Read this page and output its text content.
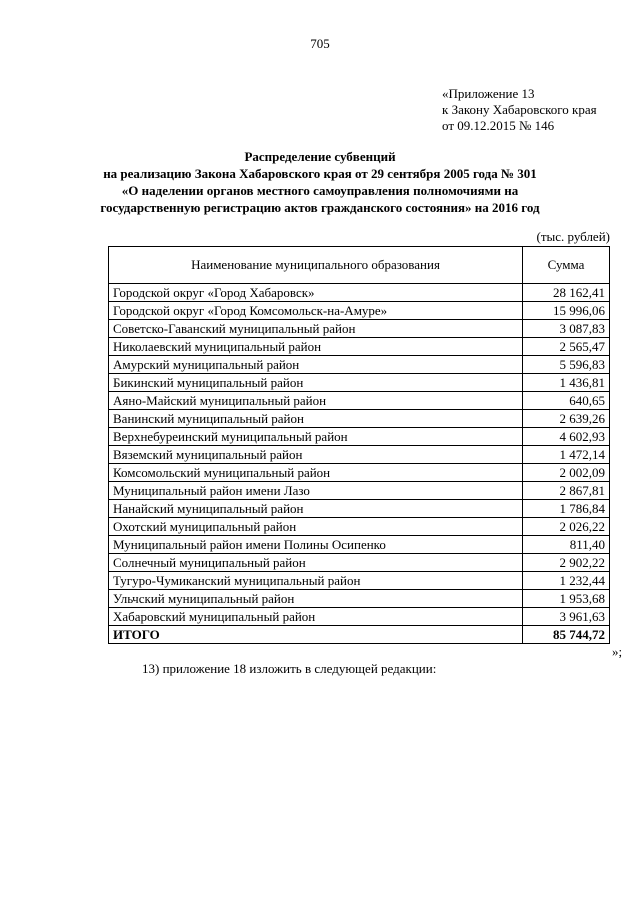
705
«Приложение 13
к Закону Хабаровского края
от 09.12.2015 № 146
Распределение субвенций
на реализацию Закона Хабаровского края от 29 сентября 2005 года № 301
«О наделении органов местного самоуправления полномочиями на
государственную регистрацию актов гражданского состояния» на 2016 год
(тыс. рублей)
Наименование муниципального образования	Сумма
Городской округ «Город Хабаровск»	28 162,41
Городской округ «Город Комсомольск-на-Амуре»	15 996,06
Советско-Гаванский муниципальный район	3 087,83
Николаевский муниципальный район	2 565,47
Амурский муниципальный район	5 596,83
Бикинский муниципальный район	1 436,81
Аяно-Майский муниципальный район	640,65
Ванинский муниципальный район	2 639,26
Верхнебуреинский муниципальный район	4 602,93
Вяземский муниципальный район	1 472,14
Комсомольский муниципальный район	2 002,09
Муниципальный район имени Лазо	2 867,81
Нанайский муниципальный район	1 786,84
Охотский муниципальный район	2 026,22
Муниципальный район имени Полины Осипенко	811,40
Солнечный муниципальный район	2 902,22
Тугуро-Чумиканский муниципальный район	1 232,44
Ульчский муниципальный район	1 953,68
Хабаровский муниципальный район	3 961,63
ИТОГО	85 744,72
»;
13) приложение 18 изложить в следующей редакции:
